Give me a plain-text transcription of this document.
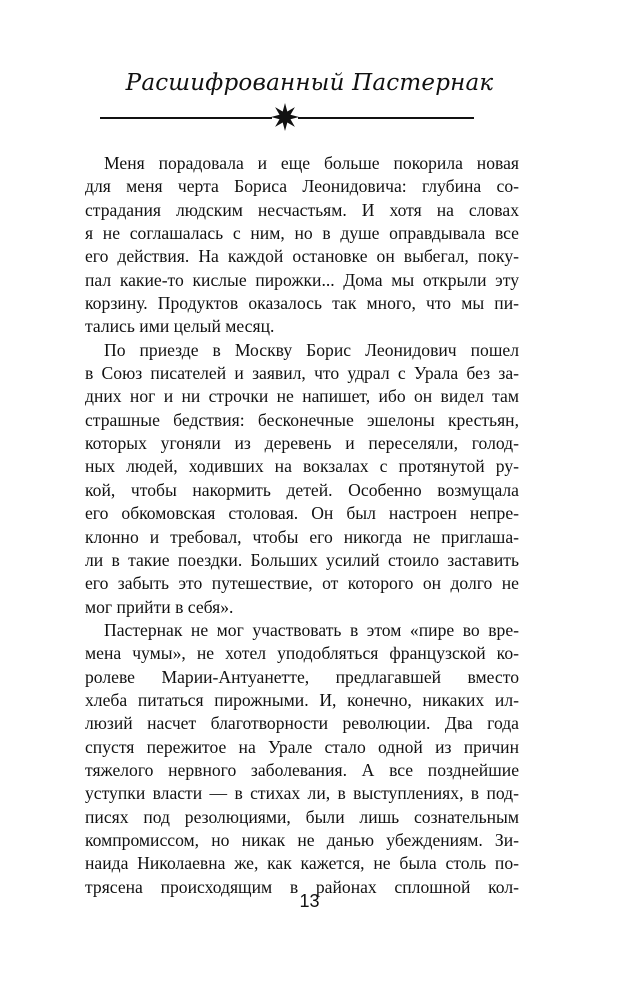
Расшифрованный Пастернак
Меня порадовала и еще больше покорила новая
для меня черта Бориса Леонидовича: глубина со-
страдания людским несчастьям. И хотя на словах
я не соглашалась с ним, но в душе оправдывала все
его действия. На каждой остановке он выбегал, поку-
пал какие-то кислые пирожки... Дома мы открыли эту
корзину. Продуктов оказалось так много, что мы пи-
тались ими целый месяц.
По приезде в Москву Борис Леонидович пошел
в Союз писателей и заявил, что удрал с Урала без за-
дних ног и ни строчки не напишет, ибо он видел там
страшные бедствия: бесконечные эшелоны крестьян,
которых угоняли из деревень и переселяли, голод-
ных людей, ходивших на вокзалах с протянутой ру-
кой, чтобы накормить детей. Особенно возмущала
его обкомовская столовая. Он был настроен непре-
клонно и требовал, чтобы его никогда не приглаша-
ли в такие поездки. Больших усилий стоило заставить
его забыть это путешествие, от которого он долго не
мог прийти в себя».
Пастернак не мог участвовать в этом «пире во вре-
мена чумы», не хотел уподобляться французской ко-
ролеве Марии-Антуанетте, предлагавшей вместо
хлеба питаться пирожными. И, конечно, никаких ил-
люзий насчет благотворности революции. Два года
спустя пережитое на Урале стало одной из причин
тяжелого нервного заболевания. А все позднейшие
уступки власти — в стихах ли, в выступлениях, в под-
писях под резолюциями, были лишь сознательным
компромиссом, но никак не данью убеждениям. Зи-
наида Николаевна же, как кажется, не была столь по-
трясена происходящим в районах сплошной кол-
13
